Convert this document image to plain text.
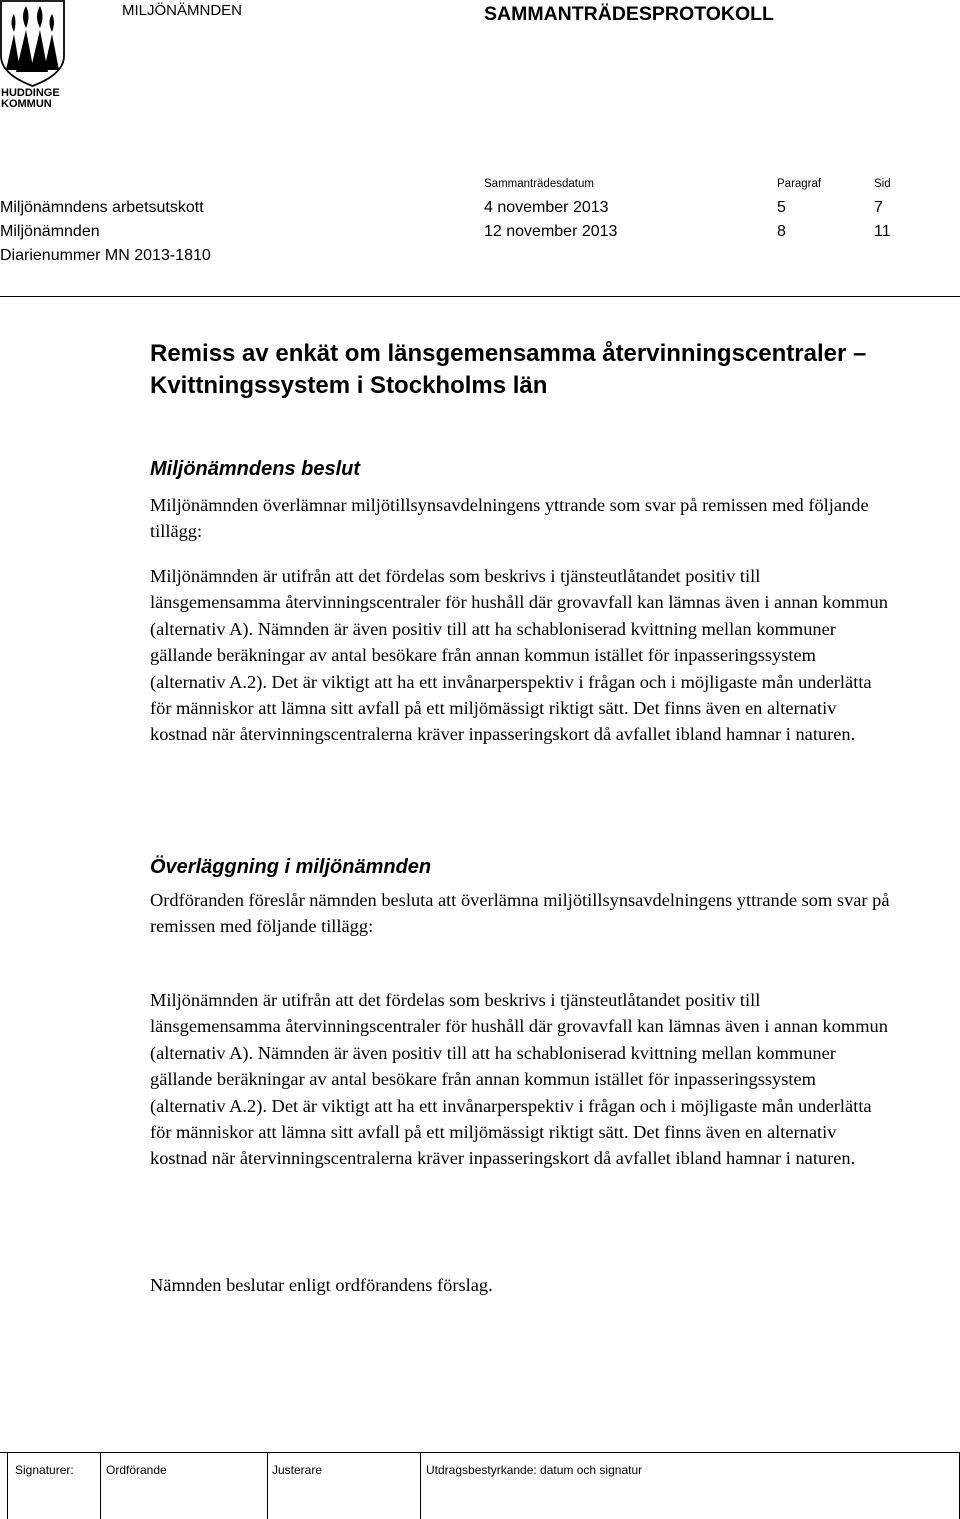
HUDDINGE
KOMMUN
MILJÖNÄMNDEN	SAMMANTRÄDESPROTOKOLL
Sammanträdesdatum	Paragraf	Sid
Miljönämndens arbetsutskott	4 november 2013	5	7
Miljönämnden	12 november 2013	8	11
Diarienummer MN 2013-1810
Remiss av enkät om länsgemensamma återvinningscentraler – Kvittningssystem i Stockholms län
Miljönämndens beslut
Miljönämnden överlämnar miljötillsynsavdelningens yttrande som svar på remissen med följande tillägg:
Miljönämnden är utifrån att det fördelas som beskrivs i tjänsteutlåtandet positiv till länsgemensamma återvinningscentraler för hushåll där grovavfall kan lämnas även i annan kommun (alternativ A). Nämnden är även positiv till att ha schabloniserad kvittning mellan kommuner gällande beräkningar av antal besökare från annan kommun istället för inpasseringssystem (alternativ A.2). Det är viktigt att ha ett invånarperspektiv i frågan och i möjligaste mån underlätta för människor att lämna sitt avfall på ett miljömässigt riktigt sätt. Det finns även en alternativ kostnad när återvinningscentralerna kräver inpasseringskort då avfallet ibland hamnar i naturen.
Överläggning i miljönämnden
Ordföranden föreslår nämnden besluta att överlämna miljötillsynsavdelningens yttrande som svar på remissen med följande tillägg:
Miljönämnden är utifrån att det fördelas som beskrivs i tjänsteutlåtandet positiv till länsgemensamma återvinningscentraler för hushåll där grovavfall kan lämnas även i annan kommun (alternativ A). Nämnden är även positiv till att ha schabloniserad kvittning mellan kommuner gällande beräkningar av antal besökare från annan kommun istället för inpasseringssystem (alternativ A.2). Det är viktigt att ha ett invånarperspektiv i frågan och i möjligaste mån underlätta för människor att lämna sitt avfall på ett miljömässigt riktigt sätt. Det finns även en alternativ kostnad när återvinningscentralerna kräver inpasseringskort då avfallet ibland hamnar i naturen.
Nämnden beslutar enligt ordförandens förslag.
Signaturer:	Ordförande	Justerare	Utdragsbestyrkande: datum och signatur
